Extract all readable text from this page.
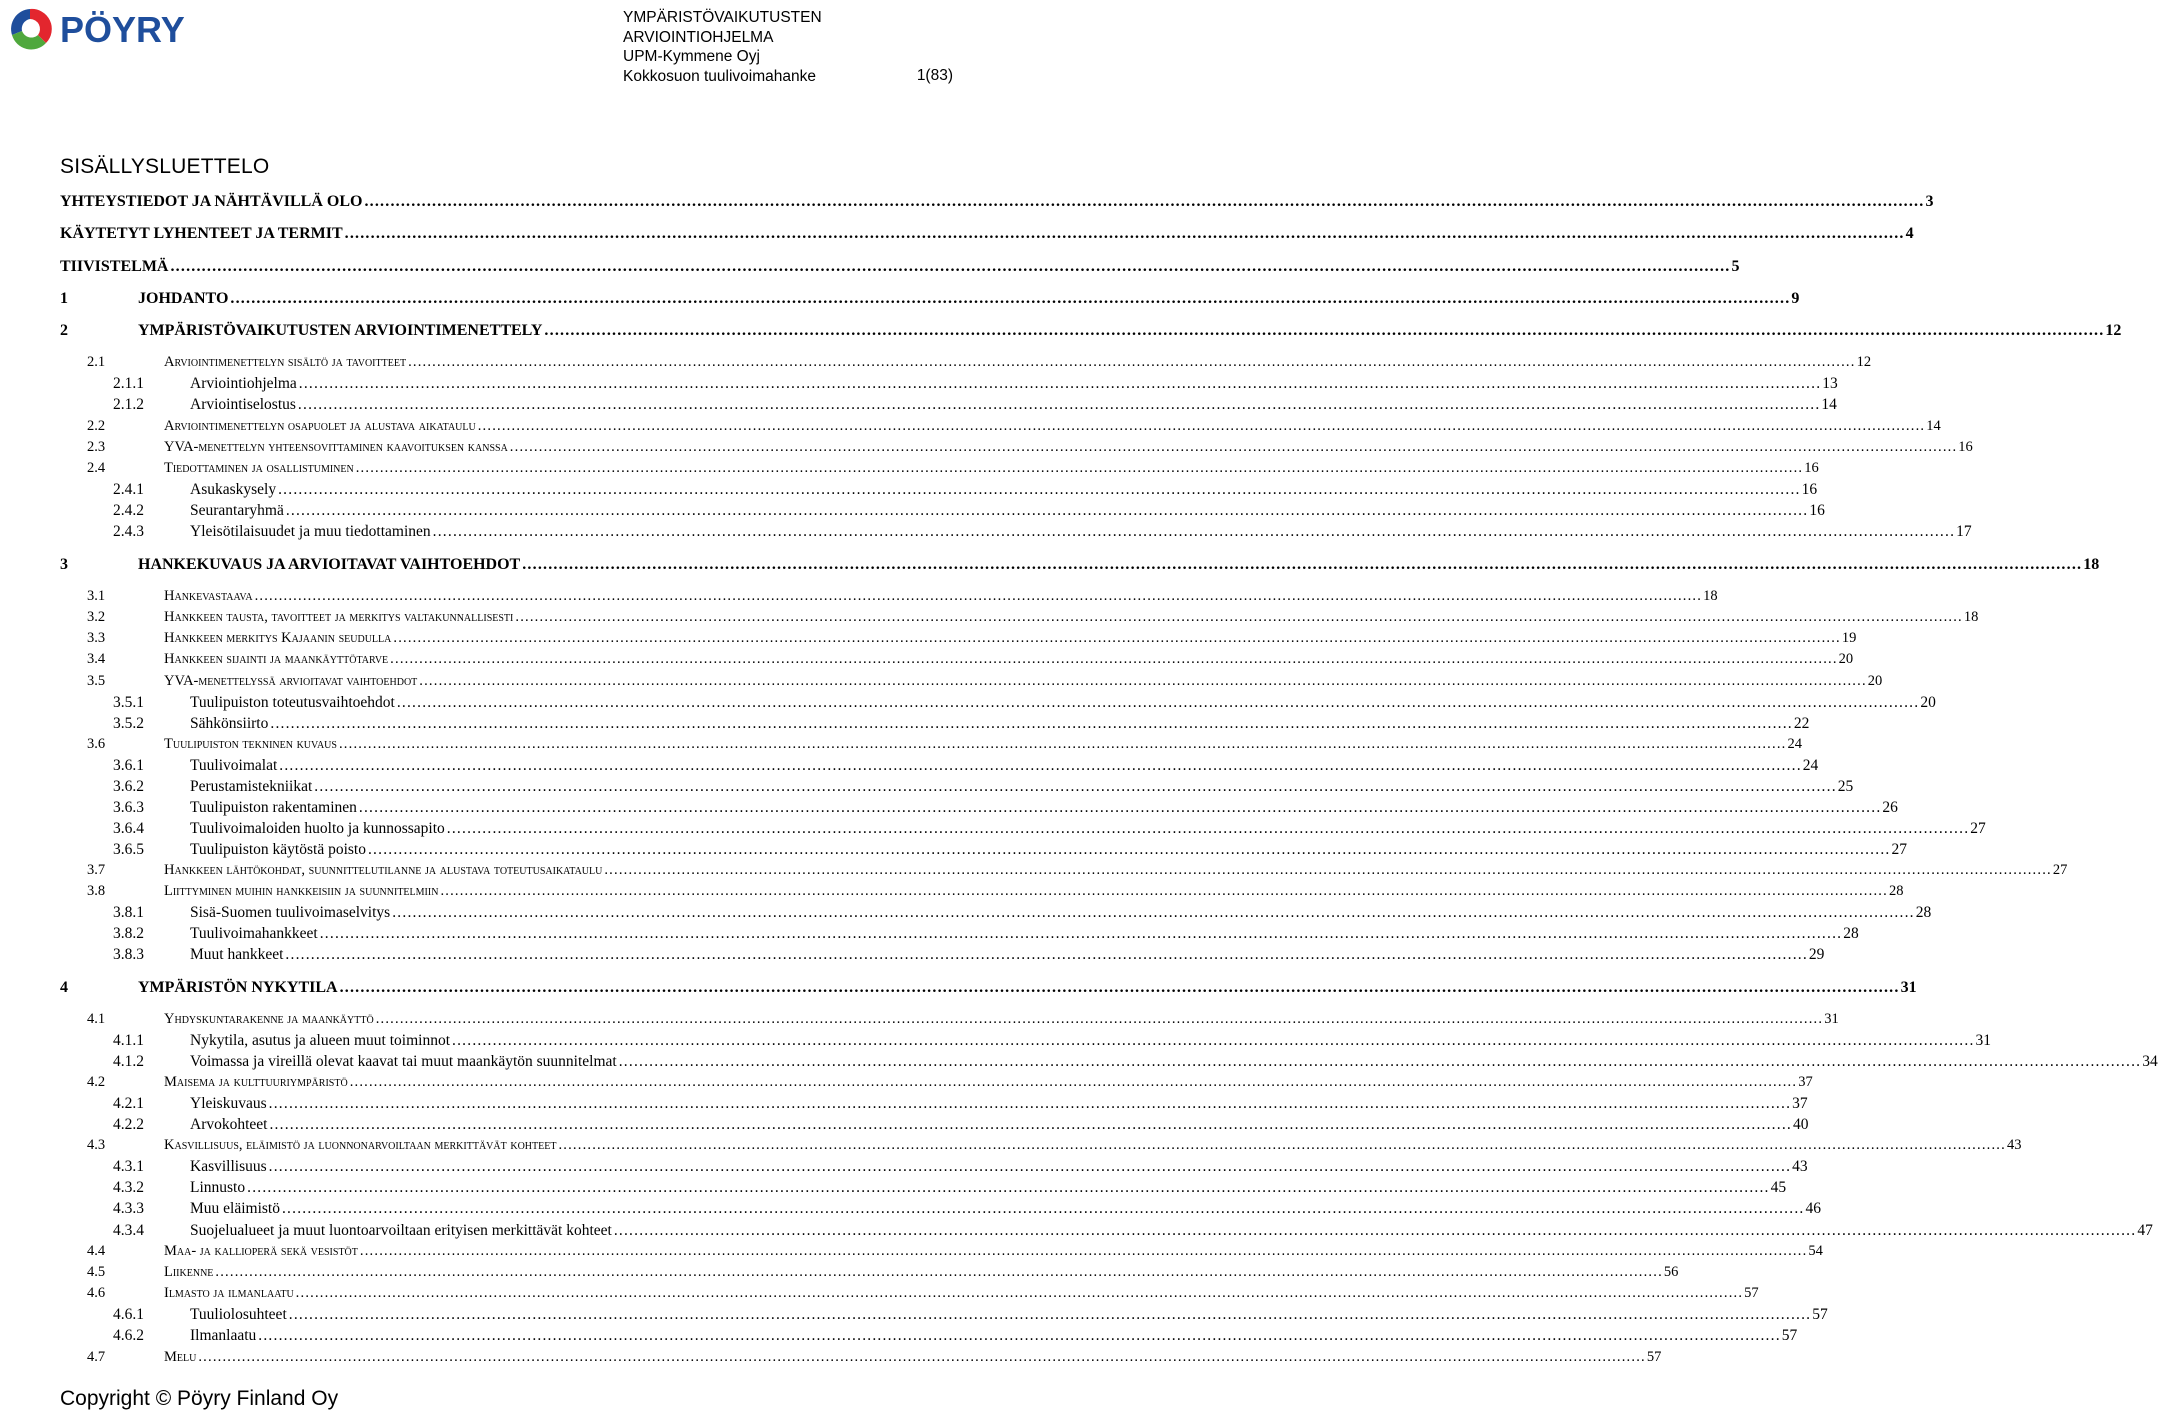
PÖYRY	YMPÄRISTÖVAIKUTUSTEN
ARVIOINTIOHJELMA
UPM-Kymmene Oyj
Kokkosuon tuulivoimahanke	1(83)
SISÄLLYSLUETTELO
YHTEYSTIEDOT JA NÄHTÄVILLÄ OLO ............................................................................................................................................................................................................................................................................................................ 3
KÄYTETYT LYHENTEET JA TERMIT ............................................................................................................................................................................................................................................................................................................ 4
TIIVISTELMÄ ............................................................................................................................................................................................................................................................................................................ 5
1	JOHDANTO ............................................................................................................................................................................................................................................................................................................ 9
2	YMPÄRISTÖVAIKUTUSTEN ARVIOINTIMENETTELY ............................................................................................................................................................................................................................................................................................................ 12
2.1	Arviointimenettelyn sisältö ja tavoitteet ............................................................................................................................................................................................................................................................................................................ 12
2.1.1	Arviointiohjelma ............................................................................................................................................................................................................................................................................................................ 13
2.1.2	Arviointiselostus ............................................................................................................................................................................................................................................................................................................ 14
2.2	Arviointimenettelyn osapuolet ja alustava aikataulu ............................................................................................................................................................................................................................................................................................................ 14
2.3	YVA-menettelyn yhteensovittaminen kaavoituksen kanssa ............................................................................................................................................................................................................................................................................................................ 16
2.4	Tiedottaminen ja osallistuminen ............................................................................................................................................................................................................................................................................................................ 16
2.4.1	Asukaskysely ............................................................................................................................................................................................................................................................................................................ 16
2.4.2	Seurantaryhmä ............................................................................................................................................................................................................................................................................................................ 16
2.4.3	Yleisötilaisuudet ja muu tiedottaminen ............................................................................................................................................................................................................................................................................................................ 17
3	HANKEKUVAUS JA ARVIOITAVAT VAIHTOEHDOT ............................................................................................................................................................................................................................................................................................................ 18
3.1	Hankevastaava ............................................................................................................................................................................................................................................................................................................ 18
3.2	Hankkeen tausta, tavoitteet ja merkitys valtakunnallisesti ............................................................................................................................................................................................................................................................................................................ 18
3.3	Hankkeen merkitys Kajaanin seudulla ............................................................................................................................................................................................................................................................................................................ 19
3.4	Hankkeen sijainti ja maankäyttötarve ............................................................................................................................................................................................................................................................................................................ 20
3.5	YVA-menettelyssä arvioitavat vaihtoehdot ............................................................................................................................................................................................................................................................................................................ 20
3.5.1	Tuulipuiston toteutusvaihtoehdot ............................................................................................................................................................................................................................................................................................................ 20
3.5.2	Sähkönsiirto ............................................................................................................................................................................................................................................................................................................ 22
3.6	Tuulipuiston tekninen kuvaus ............................................................................................................................................................................................................................................................................................................ 24
3.6.1	Tuulivoimalat ............................................................................................................................................................................................................................................................................................................ 24
3.6.2	Perustamistekniikat ............................................................................................................................................................................................................................................................................................................ 25
3.6.3	Tuulipuiston rakentaminen ............................................................................................................................................................................................................................................................................................................ 26
3.6.4	Tuulivoimaloiden huolto ja kunnossapito ............................................................................................................................................................................................................................................................................................................ 27
3.6.5	Tuulipuiston käytöstä poisto ............................................................................................................................................................................................................................................................................................................ 27
3.7	Hankkeen lähtökohdat, suunnittelutilanne ja alustava toteutusaikataulu ............................................................................................................................................................................................................................................................................................................ 27
3.8	Liittyminen muihin hankkeisiin ja suunnitelmiin ............................................................................................................................................................................................................................................................................................................ 28
3.8.1	Sisä-Suomen tuulivoimaselvitys ............................................................................................................................................................................................................................................................................................................ 28
3.8.2	Tuulivoimahankkeet ............................................................................................................................................................................................................................................................................................................ 28
3.8.3	Muut hankkeet ............................................................................................................................................................................................................................................................................................................ 29
4	YMPÄRISTÖN NYKYTILA ............................................................................................................................................................................................................................................................................................................ 31
4.1	Yhdyskuntarakenne ja maankäyttö ............................................................................................................................................................................................................................................................................................................ 31
4.1.1	Nykytila, asutus ja alueen muut toiminnot ............................................................................................................................................................................................................................................................................................................ 31
4.1.2	Voimassa ja vireillä olevat kaavat tai muut maankäytön suunnitelmat ............................................................................................................................................................................................................................................................................................................ 34
4.2	Maisema ja kulttuuriympäristö ............................................................................................................................................................................................................................................................................................................ 37
4.2.1	Yleiskuvaus ............................................................................................................................................................................................................................................................................................................ 37
4.2.2	Arvokohteet ............................................................................................................................................................................................................................................................................................................ 40
4.3	Kasvillisuus, eläimistö ja luonnonarvoiltaan merkittävät kohteet ............................................................................................................................................................................................................................................................................................................ 43
4.3.1	Kasvillisuus ............................................................................................................................................................................................................................................................................................................ 43
4.3.2	Linnusto ............................................................................................................................................................................................................................................................................................................ 45
4.3.3	Muu eläimistö ............................................................................................................................................................................................................................................................................................................ 46
4.3.4	Suojelualueet ja muut luontoarvoiltaan erityisen merkittävät kohteet ............................................................................................................................................................................................................................................................................................................ 47
4.4	Maa- ja kallioperä sekä vesistöt ............................................................................................................................................................................................................................................................................................................ 54
4.5	Liikenne ............................................................................................................................................................................................................................................................................................................ 56
4.6	Ilmasto ja ilmanlaatu ............................................................................................................................................................................................................................................................................................................ 57
4.6.1	Tuuliolosuhteet ............................................................................................................................................................................................................................................................................................................ 57
4.6.2	Ilmanlaatu ............................................................................................................................................................................................................................................................................................................ 57
4.7	Melu ............................................................................................................................................................................................................................................................................................................ 57
Copyright © Pöyry Finland Oy
